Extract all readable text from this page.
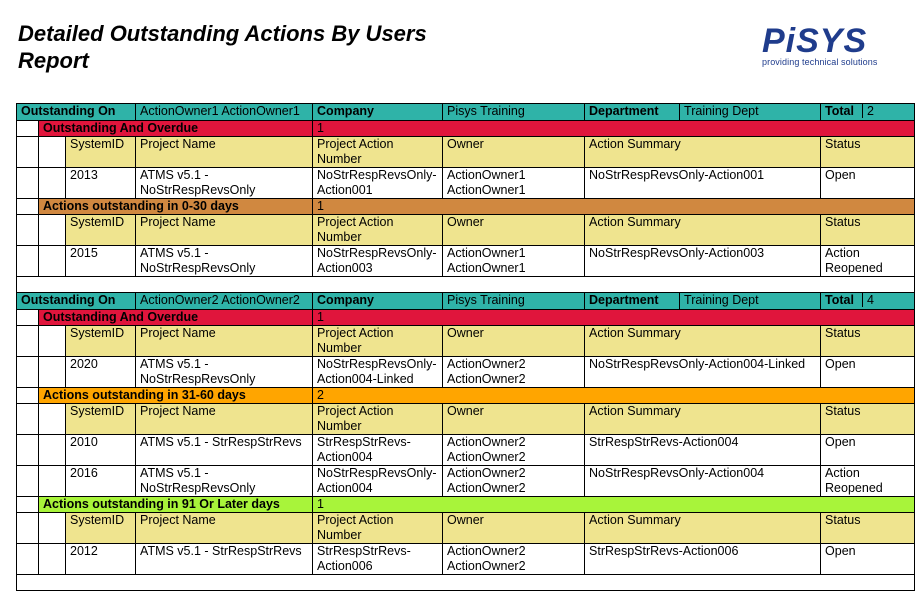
Detailed Outstanding Actions By Users
Report
PiSYS
providing technical solutions
Outstanding On			ActionOwner1 ActionOwner1	Company	Pisys Training	Department	Training Dept	Total 2
	Outstanding And Overdue			1				
		SystemID	Project Name	Project Action Number	Owner	Action Summary		Status
		2013	ATMS v5.1 - NoStrRespRevsOnly	NoStrRespRevsOnly-Action001	ActionOwner1 ActionOwner1	NoStrRespRevsOnly-Action001		Open
	Actions outstanding in 0-30 days			1				
		SystemID	Project Name	Project Action Number	Owner	Action Summary		Status
		2015	ATMS v5.1 - NoStrRespRevsOnly	NoStrRespRevsOnly-Action003	ActionOwner1 ActionOwner1	NoStrRespRevsOnly-Action003		Action Reopened

Outstanding On			ActionOwner2 ActionOwner2	Company	Pisys Training	Department	Training Dept	Total 4
	Outstanding And Overdue			1				
		SystemID	Project Name	Project Action Number	Owner	Action Summary		Status
		2020	ATMS v5.1 - NoStrRespRevsOnly	NoStrRespRevsOnly-Action004-Linked	ActionOwner2 ActionOwner2	NoStrRespRevsOnly-Action004-Linked		Open
	Actions outstanding in 31-60 days			2				
		SystemID	Project Name	Project Action Number	Owner	Action Summary		Status
		2010	ATMS v5.1 - StrRespStrRevs	StrRespStrRevs-Action004	ActionOwner2 ActionOwner2	StrRespStrRevs-Action004		Open
		2016	ATMS v5.1 - NoStrRespRevsOnly	NoStrRespRevsOnly-Action004	ActionOwner2 ActionOwner2	NoStrRespRevsOnly-Action004		Action Reopened
	Actions outstanding in 91 Or Later days			1				
		SystemID	Project Name	Project Action Number	Owner	Action Summary		Status
		2012	ATMS v5.1 - StrRespStrRevs	StrRespStrRevs-Action006	ActionOwner2 ActionOwner2	StrRespStrRevs-Action006		Open
